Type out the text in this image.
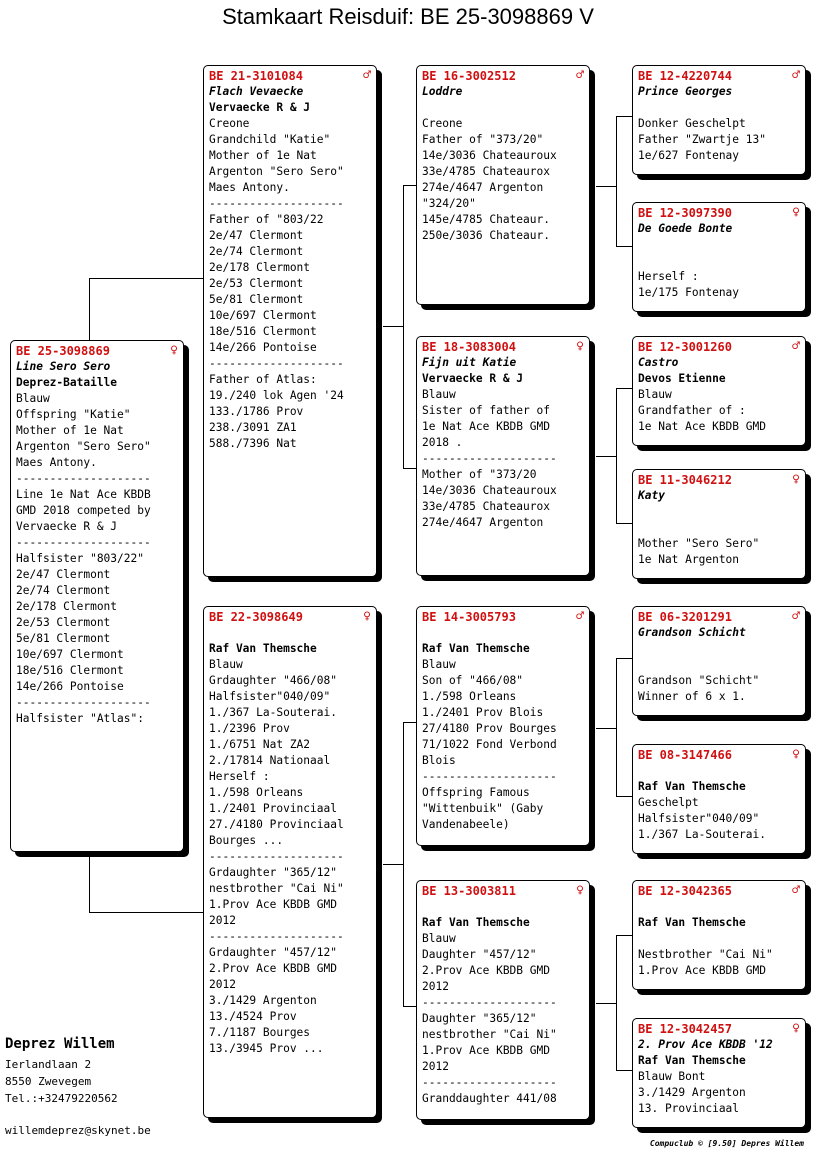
Stamkaart Reisduif: BE 25-3098869 V
BE 25-3098869	♀
Line Sero Sero
Deprez-Bataille
Blauw
Offspring "Katie"
Mother of 1e Nat
Argenton "Sero Sero"
Maes Antony.
--------------------
Line 1e Nat Ace KBDB
GMD 2018 competed by
Vervaecke R & J
--------------------
Halfsister "803/22"
2e/47 Clermont
2e/74 Clermont
2e/178 Clermont
2e/53 Clermont
5e/81 Clermont
10e/697 Clermont
18e/516 Clermont
14e/266 Pontoise
--------------------
Halfsister "Atlas":
BE 21-3101084	♂
Flach Vevaecke
Vervaecke R & J
Creone
Grandchild "Katie"
Mother of 1e Nat
Argenton "Sero Sero"
Maes Antony.
--------------------
Father of "803/22
2e/47 Clermont
2e/74 Clermont
2e/178 Clermont
2e/53 Clermont
5e/81 Clermont
10e/697 Clermont
18e/516 Clermont
14e/266 Pontoise
--------------------
Father of Atlas:
19./240 lok Agen '24
133./1786 Prov
238./3091 ZA1
588./7396 Nat
BE 22-3098649	♀

Raf Van Themsche
Blauw
Grdaughter "466/08"
Halfsister"040/09"
1./367 La-Souterai.
1./2396 Prov
1./6751 Nat ZA2
2./17814 Nationaal
Herself :
1./598 Orleans
1./2401 Provinciaal
27./4180 Provinciaal
Bourges ...
--------------------
Grdaughter "365/12"
nestbrother "Cai Ni"
1.Prov Ace KBDB GMD
2012
--------------------
Grdaughter "457/12"
2.Prov Ace KBDB GMD
2012
3./1429 Argenton
13./4524 Prov
7./1187 Bourges
13./3945 Prov ...
BE 16-3002512	♂
Loddre

Creone
Father of "373/20"
14e/3036 Chateauroux
33e/4785 Chateaurox
274e/4647 Argenton
"324/20"
145e/4785 Chateaur.
250e/3036 Chateaur.
BE 18-3083004	♀
Fijn uit Katie
Vervaecke R & J
Blauw
Sister of father of
1e Nat Ace KBDB GMD
2018 .
--------------------
Mother of "373/20
14e/3036 Chateauroux
33e/4785 Chateaurox
274e/4647 Argenton
BE 14-3005793	♂

Raf Van Themsche
Blauw
Son of "466/08"
1./598 Orleans
1./2401 Prov Blois
27/4180 Prov Bourges
71/1022 Fond Verbond
Blois
--------------------
Offspring Famous
"Wittenbuik" (Gaby
Vandenabeele)
BE 13-3003811	♀

Raf Van Themsche
Blauw
Daughter "457/12"
2.Prov Ace KBDB GMD
2012
--------------------
Daughter "365/12"
nestbrother "Cai Ni"
1.Prov Ace KBDB GMD
2012
--------------------
Granddaughter 441/08
BE 12-4220744	♂
Prince Georges

Donker Geschelpt
Father "Zwartje 13"
1e/627 Fontenay
BE 12-3097390	♀
De Goede Bonte

Herself :
1e/175 Fontenay
BE 12-3001260	♂
Castro
Devos Etienne
Blauw
Grandfather of :
1e Nat Ace KBDB GMD
BE 11-3046212	♀
Katy

Mother "Sero Sero"
1e Nat Argenton
BE 06-3201291	♂
Grandson Schicht

Grandson "Schicht"
Winner of 6 x 1.
BE 08-3147466	♀

Raf Van Themsche
Geschelpt
Halfsister"040/09"
1./367 La-Souterai.
BE 12-3042365	♂

Raf Van Themsche

Nestbrother "Cai Ni"
1.Prov Ace KBDB GMD
BE 12-3042457	♀
2. Prov Ace KBDB '12
Raf Van Themsche
Blauw Bont
3./1429 Argenton
13. Provinciaal
Deprez Willem
Ierlandlaan 2
8550 Zwevegem
Tel.:+32479220562
willemdeprez@skynet.be
Compuclub © [9.50] Depres Willem
